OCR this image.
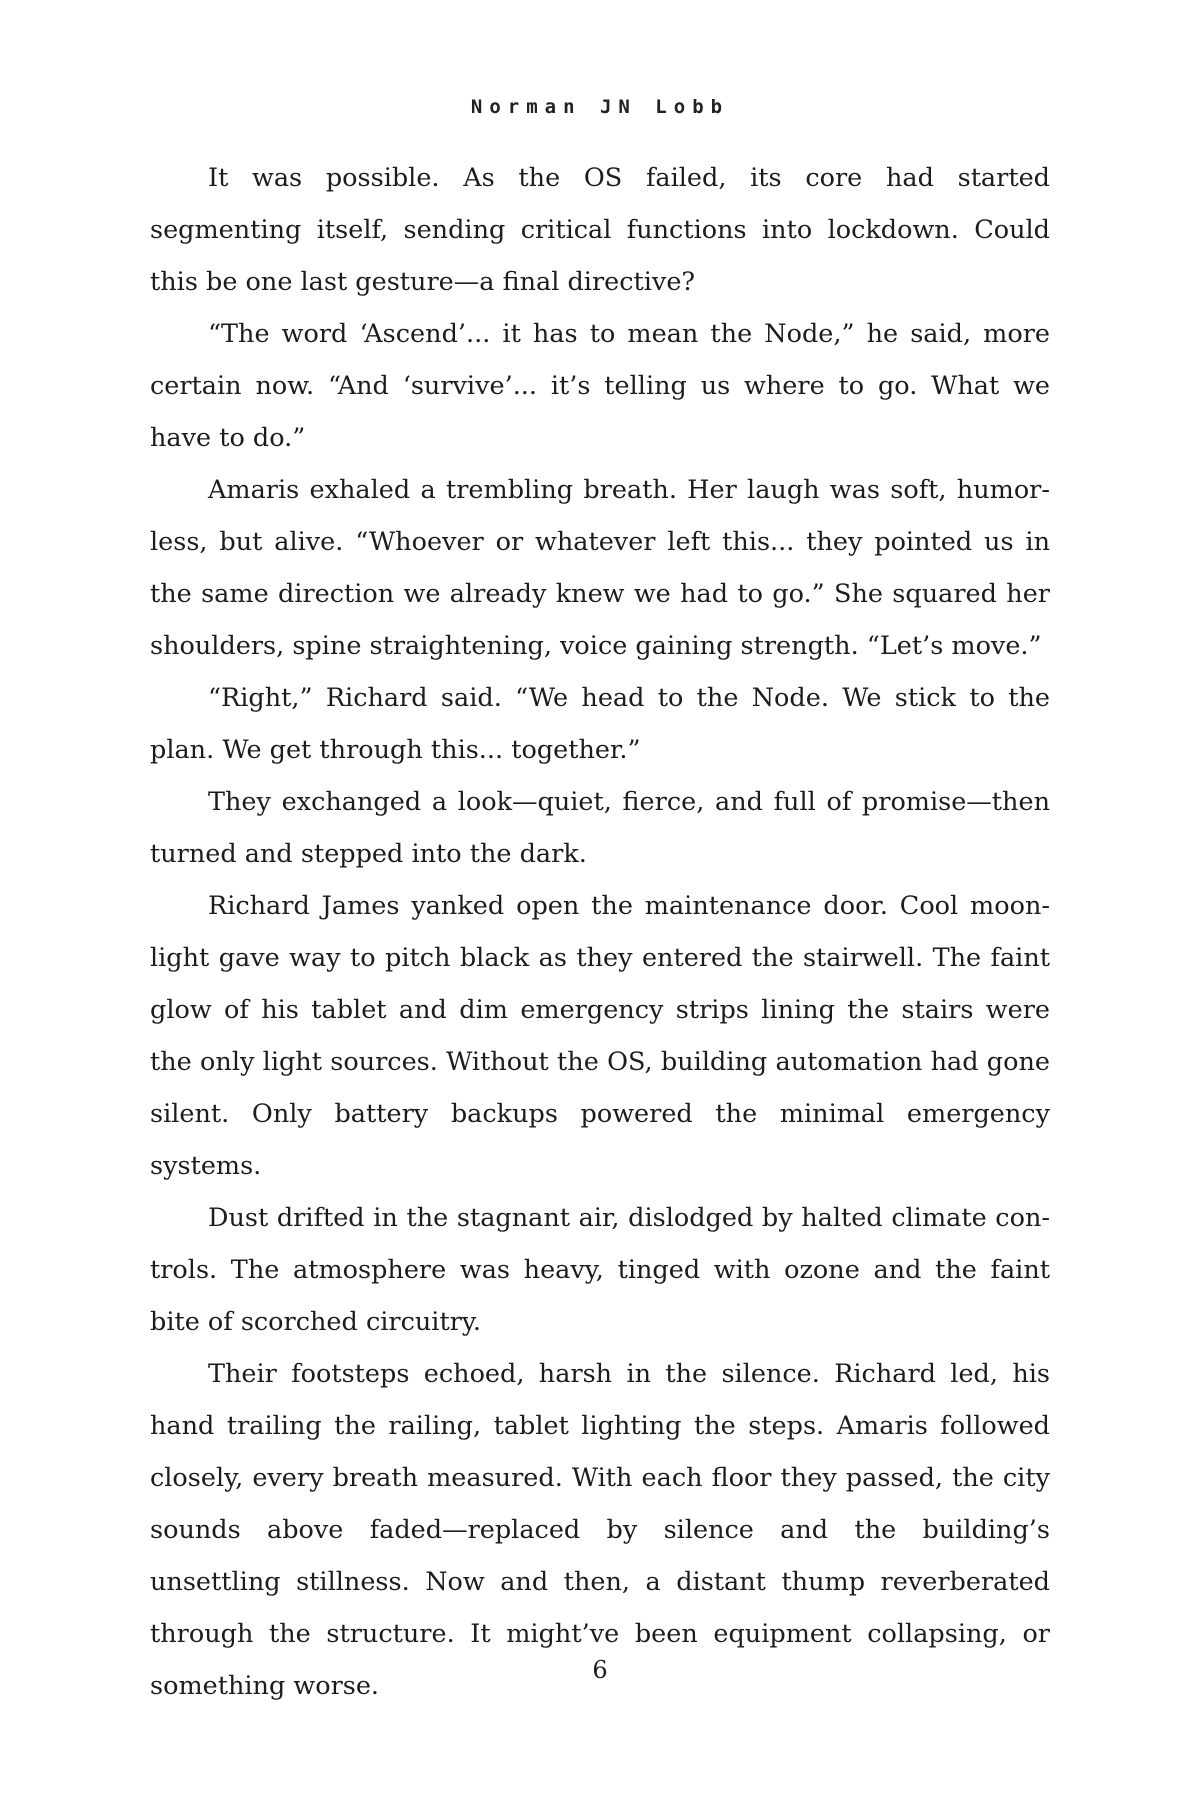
Norman JN Lobb

It was possible. As the OS failed, its core had started segmenting itself, sending critical functions into lockdown. Could this be one last gesture—a final directive?

“The word ‘Ascend’... it has to mean the Node,” he said, more certain now. “And ‘survive’... it’s telling us where to go. What we have to do.”

Amaris exhaled a trembling breath. Her laugh was soft, humorless, but alive. “Whoever or whatever left this... they pointed us in the same direction we already knew we had to go.” She squared her shoulders, spine straightening, voice gaining strength. “Let’s move.”

“Right,” Richard said. “We head to the Node. We stick to the plan. We get through this... together.”

They exchanged a look—quiet, fierce, and full of promise—then turned and stepped into the dark.

Richard James yanked open the maintenance door. Cool moonlight gave way to pitch black as they entered the stairwell. The faint glow of his tablet and dim emergency strips lining the stairs were the only light sources. Without the OS, building automation had gone silent. Only battery backups powered the minimal emergency systems.

Dust drifted in the stagnant air, dislodged by halted climate controls. The atmosphere was heavy, tinged with ozone and the faint bite of scorched circuitry.

Their footsteps echoed, harsh in the silence. Richard led, his hand trailing the railing, tablet lighting the steps. Amaris followed closely, every breath measured. With each floor they passed, the city sounds above faded—replaced by silence and the building’s unsettling stillness. Now and then, a distant thump reverberated through the structure. It might’ve been equipment collapsing, or something worse.

6
